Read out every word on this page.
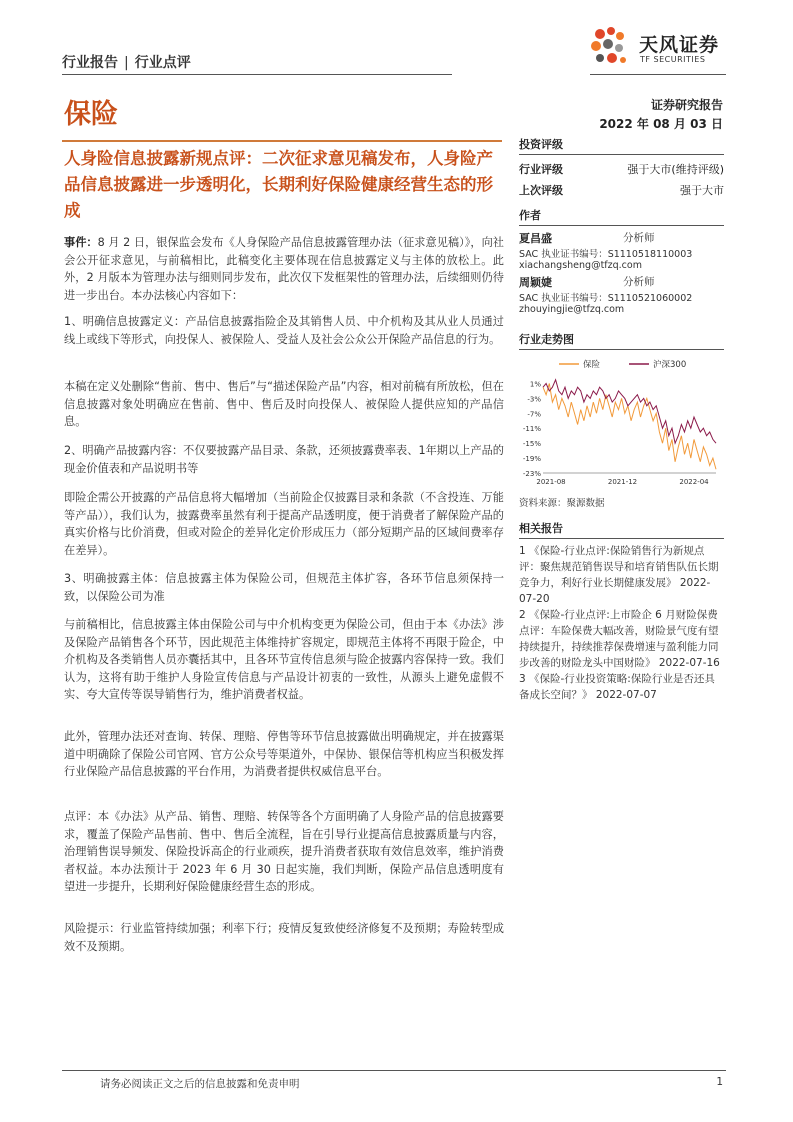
行业报告 | 行业点评
天风证券
TF SECURITIES
保险	证券研究报告
2022 年 08 月 03 日
人身险信息披露新规点评：二次征求意见稿发布，人身险产品信息披露进一步透明化，长期利好保险健康经营生态的形成
事件：8 月 2 日，银保监会发布《人身保险产品信息披露管理办法（征求意见稿）》，向社会公开征求意见，与前稿相比，此稿变化主要体现在信息披露定义与主体的放松上。此外，2 月版本为管理办法与细则同步发布，此次仅下发框架性的管理办法，后续细则仍待进一步出台。本办法核心内容如下：
1、明确信息披露定义：产品信息披露指险企及其销售人员、中介机构及其从业人员通过线上或线下等形式，向投保人、被保险人、受益人及社会公众公开保险产品信息的行为。
本稿在定义处删除“售前、售中、售后”与“描述保险产品”内容，相对前稿有所放松，但在信息披露对象处明确应在售前、售中、售后及时向投保人、被保险人提供应知的产品信息。
2、明确产品披露内容：不仅要披露产品目录、条款，还须披露费率表、1年期以上产品的现金价值表和产品说明书等
即险企需公开披露的产品信息将大幅增加（当前险企仅披露目录和条款（不含投连、万能等产品）），我们认为，披露费率虽然有利于提高产品透明度，便于消费者了解保险产品的真实价格与比价消费，但或对险企的差异化定价形成压力（部分短期产品的区域间费率存在差异）。
3、明确披露主体：信息披露主体为保险公司，但规范主体扩容，各环节信息须保持一致，以保险公司为准
与前稿相比，信息披露主体由保险公司与中介机构变更为保险公司，但由于本《办法》涉及保险产品销售各个环节，因此规范主体维持扩容规定，即规范主体将不再限于险企，中介机构及各类销售人员亦囊括其中，且各环节宣传信息须与险企披露内容保持一致。我们认为，这将有助于维护人身险宣传信息与产品设计初衷的一致性，从源头上避免虚假不实、夸大宣传等误导销售行为，维护消费者权益。
此外，管理办法还对查询、转保、理赔、停售等环节信息披露做出明确规定，并在披露渠道中明确除了保险公司官网、官方公众号等渠道外，中保协、银保信等机构应当积极发挥行业保险产品信息披露的平台作用，为消费者提供权威信息平台。
点评：本《办法》从产品、销售、理赔、转保等各个方面明确了人身险产品的信息披露要求，覆盖了保险产品售前、售中、售后全流程，旨在引导行业提高信息披露质量与内容，治理销售误导频发、保险投诉高企的行业顽疾，提升消费者获取有效信息效率，维护消费者权益。本办法预计于 2023 年 6 月 30 日起实施，我们判断，保险产品信息透明度有望进一步提升，长期利好保险健康经营生态的形成。
风险提示：行业监管持续加强；利率下行；疫情反复致使经济修复不及预期；寿险转型成效不及预期。
投资评级
行业评级	强于大市(维持评级)
上次评级	强于大市
作者
夏昌盛	分析师
SAC 执业证书编号：S1110518110003
xiachangsheng@tfzq.com
周颖婕	分析师
SAC 执业证书编号：S1110521060002
zhouyingjie@tfzq.com
行业走势图
保险	沪深300
1%
-3%
-7%
-11%
-15%
-19%
-23%
2021-08	2021-12	2022-04
资料来源：聚源数据
相关报告
1 《保险-行业点评:保险销售行为新规点评：聚焦规范销售误导和培育销售队伍长期竞争力，利好行业长期健康发展》 2022-07-20
2 《保险-行业点评:上市险企 6 月财险保费点评：车险保费大幅改善，财险景气度有望持续提升，持续推荐保费增速与盈利能力同步改善的财险龙头中国财险》 2022-07-16
3 《保险-行业投资策略:保险行业是否还具备成长空间？》 2022-07-07
请务必阅读正文之后的信息披露和免责申明	1
